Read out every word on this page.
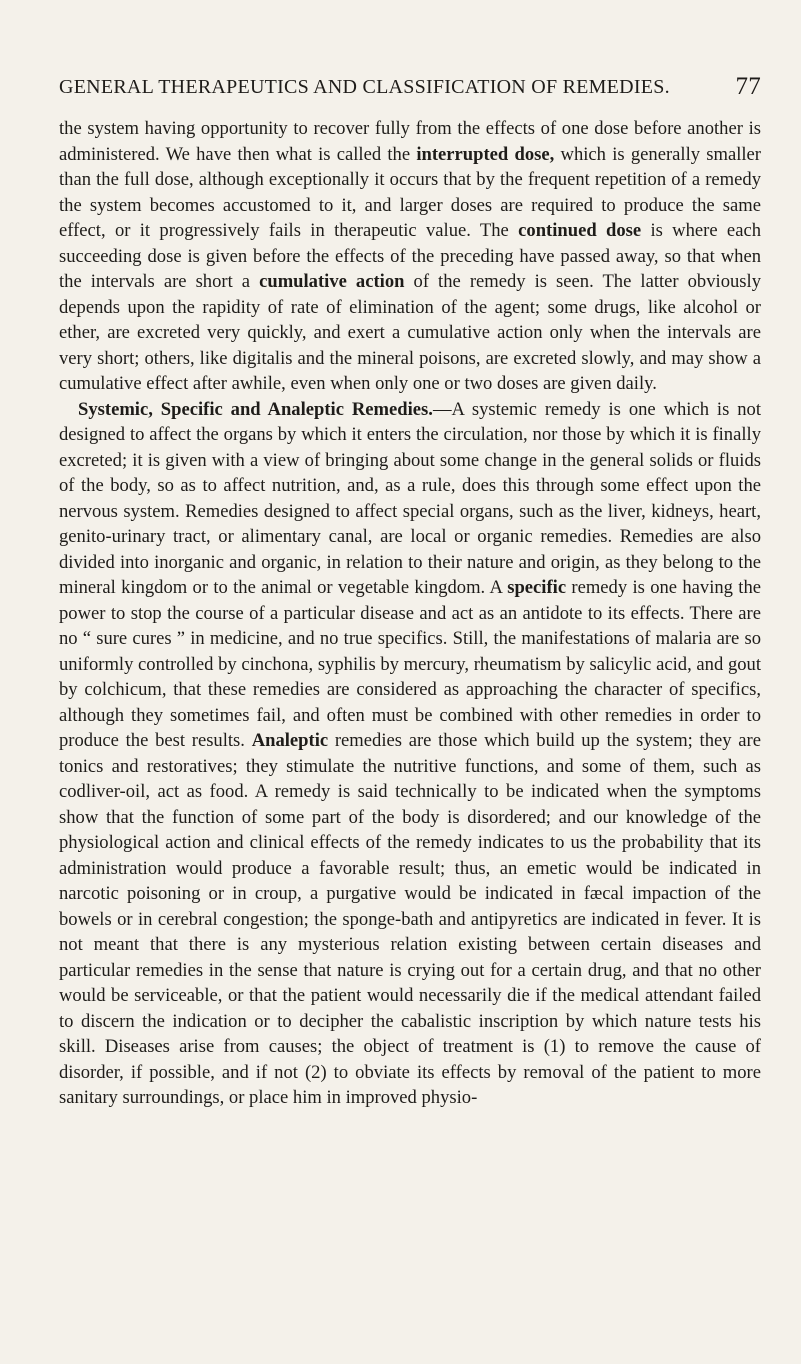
GENERAL THERAPEUTICS AND CLASSIFICATION OF REMEDIES.	77

the system having opportunity to recover fully from the effects of one dose before another is administered. We have then what is called the interrupted dose, which is generally smaller than the full dose, although exceptionally it occurs that by the frequent repetition of a remedy the system becomes accustomed to it, and larger doses are required to produce the same effect, or it progressively fails in therapeutic value. The continued dose is where each succeeding dose is given before the effects of the preceding have passed away, so that when the intervals are short a cumulative action of the remedy is seen. The latter obviously depends upon the rapidity of rate of elimination of the agent; some drugs, like alcohol or ether, are excreted very quickly, and exert a cumulative action only when the intervals are very short; others, like digitalis and the mineral poisons, are excreted slowly, and may show a cumulative effect after awhile, even when only one or two doses are given daily.

Systemic, Specific and Analeptic Remedies.—A systemic remedy is one which is not designed to affect the organs by which it enters the circulation, nor those by which it is finally excreted; it is given with a view of bringing about some change in the general solids or fluids of the body, so as to affect nutrition, and, as a rule, does this through some effect upon the nervous system. Remedies designed to affect special organs, such as the liver, kidneys, heart, genito-urinary tract, or alimentary canal, are local or organic remedies. Remedies are also divided into inorganic and organic, in relation to their nature and origin, as they belong to the mineral kingdom or to the animal or vegetable kingdom. A specific remedy is one having the power to stop the course of a particular disease and act as an antidote to its effects. There are no “ sure cures ” in medicine, and no true specifics. Still, the manifestations of malaria are so uniformly controlled by cinchona, syphilis by mercury, rheumatism by salicylic acid, and gout by colchicum, that these remedies are considered as approaching the character of specifics, although they sometimes fail, and often must be combined with other remedies in order to produce the best results. Analeptic remedies are those which build up the system; they are tonics and restoratives; they stimulate the nutritive functions, and some of them, such as codliver-oil, act as food. A remedy is said technically to be indicated when the symptoms show that the function of some part of the body is disordered; and our knowledge of the physiological action and clinical effects of the remedy indicates to us the probability that its administration would produce a favorable result; thus, an emetic would be indicated in narcotic poisoning or in croup, a purgative would be indicated in fæcal impaction of the bowels or in cerebral congestion; the sponge-bath and antipyretics are indicated in fever. It is not meant that there is any mysterious relation existing between certain diseases and particular remedies in the sense that nature is crying out for a certain drug, and that no other would be serviceable, or that the patient would necessarily die if the medical attendant failed to discern the indication or to decipher the cabalistic inscription by which nature tests his skill. Diseases arise from causes; the object of treatment is (1) to remove the cause of disorder, if possible, and if not (2) to obviate its effects by removal of the patient to more sanitary surroundings, or place him in improved physio-
